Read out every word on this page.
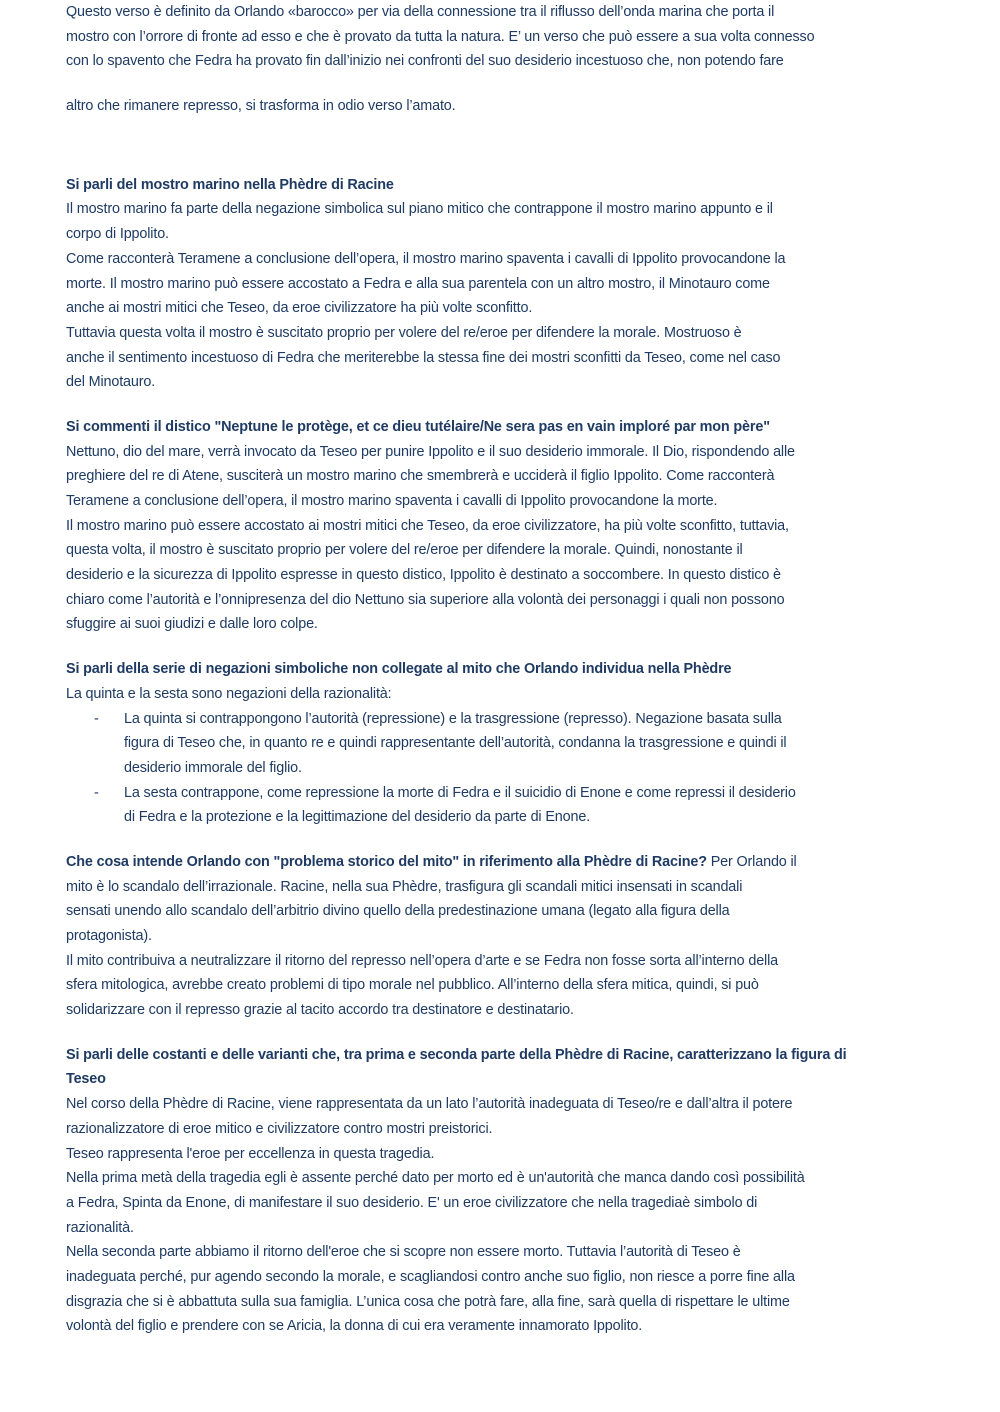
Questo verso è definito da Orlando «barocco» per via della connessione tra il riflusso dell’onda marina che porta il
mostro con l’orrore di fronte ad esso e che è provato da tutta la natura. E’ un verso che può essere a sua volta connesso
con lo spavento che Fedra ha provato fin dall’inizio nei confronti del suo desiderio incestuoso che, non potendo fare
altro che rimanere represso, si trasforma in odio verso l’amato.
Si parli del mostro marino nella Phèdre di Racine
Il mostro marino fa parte della negazione simbolica sul piano mitico che contrappone il mostro marino appunto e il
corpo di Ippolito.
Come racconterà Teramene a conclusione dell’opera, il mostro marino spaventa i cavalli di Ippolito provocandone la
morte. Il mostro marino può essere accostato a Fedra e alla sua parentela con un altro mostro, il Minotauro come
anche ai mostri mitici che Teseo, da eroe civilizzatore ha più volte sconfitto.
Tuttavia questa volta il mostro è suscitato proprio per volere del re/eroe per difendere la morale. Mostruoso è
anche il sentimento incestuoso di Fedra che meriterebbe la stessa fine dei mostri sconfitti da Teseo, come nel caso
del Minotauro.
Si commenti il distico "Neptune le protège, et ce dieu tutélaire/Ne sera pas en vain imploré par mon père"
Nettuno, dio del mare, verrà invocato da Teseo per punire Ippolito e il suo desiderio immorale. Il Dio, rispondendo alle
preghiere del re di Atene, susciterà un mostro marino che smembrerà e ucciderà il figlio Ippolito. Come racconterà
Teramene a conclusione dell’opera, il mostro marino spaventa i cavalli di Ippolito provocandone la morte.
Il mostro marino può essere accostato ai mostri mitici che Teseo, da eroe civilizzatore, ha più volte sconfitto, tuttavia,
questa volta, il mostro è suscitato proprio per volere del re/eroe per difendere la morale. Quindi, nonostante il
desiderio e la sicurezza di Ippolito espresse in questo distico, Ippolito è destinato a soccombere. In questo distico è
chiaro come l’autorità e l’onnipresenza del dio Nettuno sia superiore alla volontà dei personaggi i quali non possono
sfuggire ai suoi giudizi e dalle loro colpe.
Si parli della serie di negazioni simboliche non collegate al mito che Orlando individua nella Phèdre
La quinta e la sesta sono negazioni della razionalità:
- La quinta si contrappongono l’autorità (repressione) e la trasgressione (represso). Negazione basata sulla
figura di Teseo che, in quanto re e quindi rappresentante dell’autorità, condanna la trasgressione e quindi il
desiderio immorale del figlio.
- La sesta contrappone, come repressione la morte di Fedra e il suicidio di Enone e come repressi il desiderio
di Fedra e la protezione e la legittimazione del desiderio da parte di Enone.
Che cosa intende Orlando con "problema storico del mito" in riferimento alla Phèdre di Racine? Per Orlando il
mito è lo scandalo dell’irrazionale. Racine, nella sua Phèdre, trasfigura gli scandali mitici insensati in scandali
sensati unendo allo scandalo dell’arbitrio divino quello della predestinazione umana (legato alla figura della
protagonista).
Il mito contribuiva a neutralizzare il ritorno del represso nell’opera d’arte e se Fedra non fosse sorta all’interno della
sfera mitologica, avrebbe creato problemi di tipo morale nel pubblico. All’interno della sfera mitica, quindi, si può
solidarizzare con il represso grazie al tacito accordo tra destinatore e destinatario.
Si parli delle costanti e delle varianti che, tra prima e seconda parte della Phèdre di Racine, caratterizzano la figura di
Teseo
Nel corso della Phèdre di Racine, viene rappresentata da un lato l’autorità inadeguata di Teseo/re e dall’altra il potere
razionalizzatore di eroe mitico e civilizzatore contro mostri preistorici.
Teseo rappresenta l'eroe per eccellenza in questa tragedia.
Nella prima metà della tragedia egli è assente perché dato per morto ed è un'autorità che manca dando così possibilità
a Fedra, Spinta da Enone, di manifestare il suo desiderio. E' un eroe civilizzatore che nella tragediaè simbolo di
razionalità.
Nella seconda parte abbiamo il ritorno dell'eroe che si scopre non essere morto. Tuttavia l’autorità di Teseo è
inadeguata perché, pur agendo secondo la morale, e scagliandosi contro anche suo figlio, non riesce a porre fine alla
disgrazia che si è abbattuta sulla sua famiglia. L’unica cosa che potrà fare, alla fine, sarà quella di rispettare le ultime
volontà del figlio e prendere con se Aricia, la donna di cui era veramente innamorato Ippolito.
